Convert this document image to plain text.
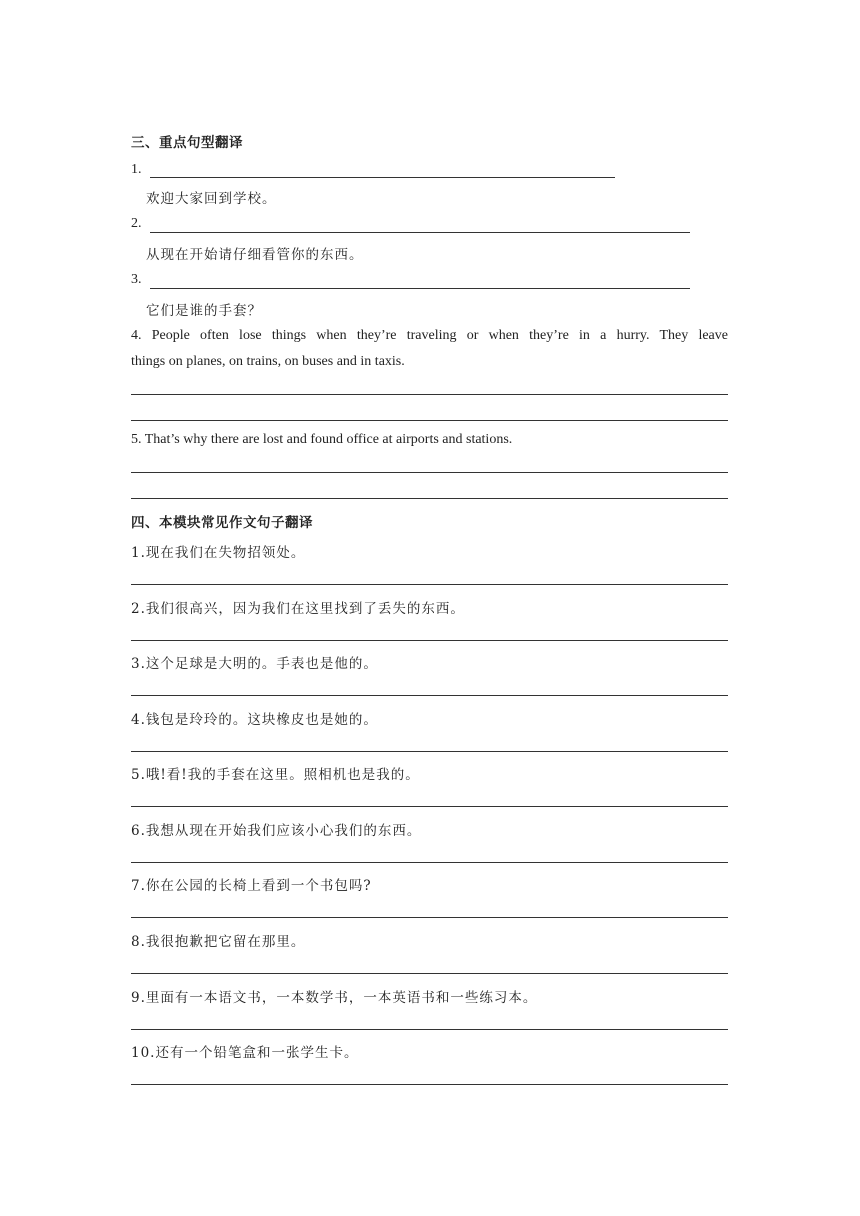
三、重点句型翻译
1.
欢迎大家回到学校。
2.
从现在开始请仔细看管你的东西。
3.
它们是谁的手套？
4. People often lose things when they’re traveling or when they’re in a hurry. They leave
things on planes, on trains, on buses and in taxis.
5. That’s why there are lost and found office at airports and stations.
四、本模块常见作文句子翻译
1.现在我们在失物招领处。
2.我们很高兴，因为我们在这里找到了丢失的东西。
3.这个足球是大明的。手表也是他的。
4.钱包是玲玲的。这块橡皮也是她的。
5.哦!看!我的手套在这里。照相机也是我的。
6.我想从现在开始我们应该小心我们的东西。
7.你在公园的长椅上看到一个书包吗?
8.我很抱歉把它留在那里。
9.里面有一本语文书，一本数学书，一本英语书和一些练习本。
10.还有一个铅笔盒和一张学生卡。
